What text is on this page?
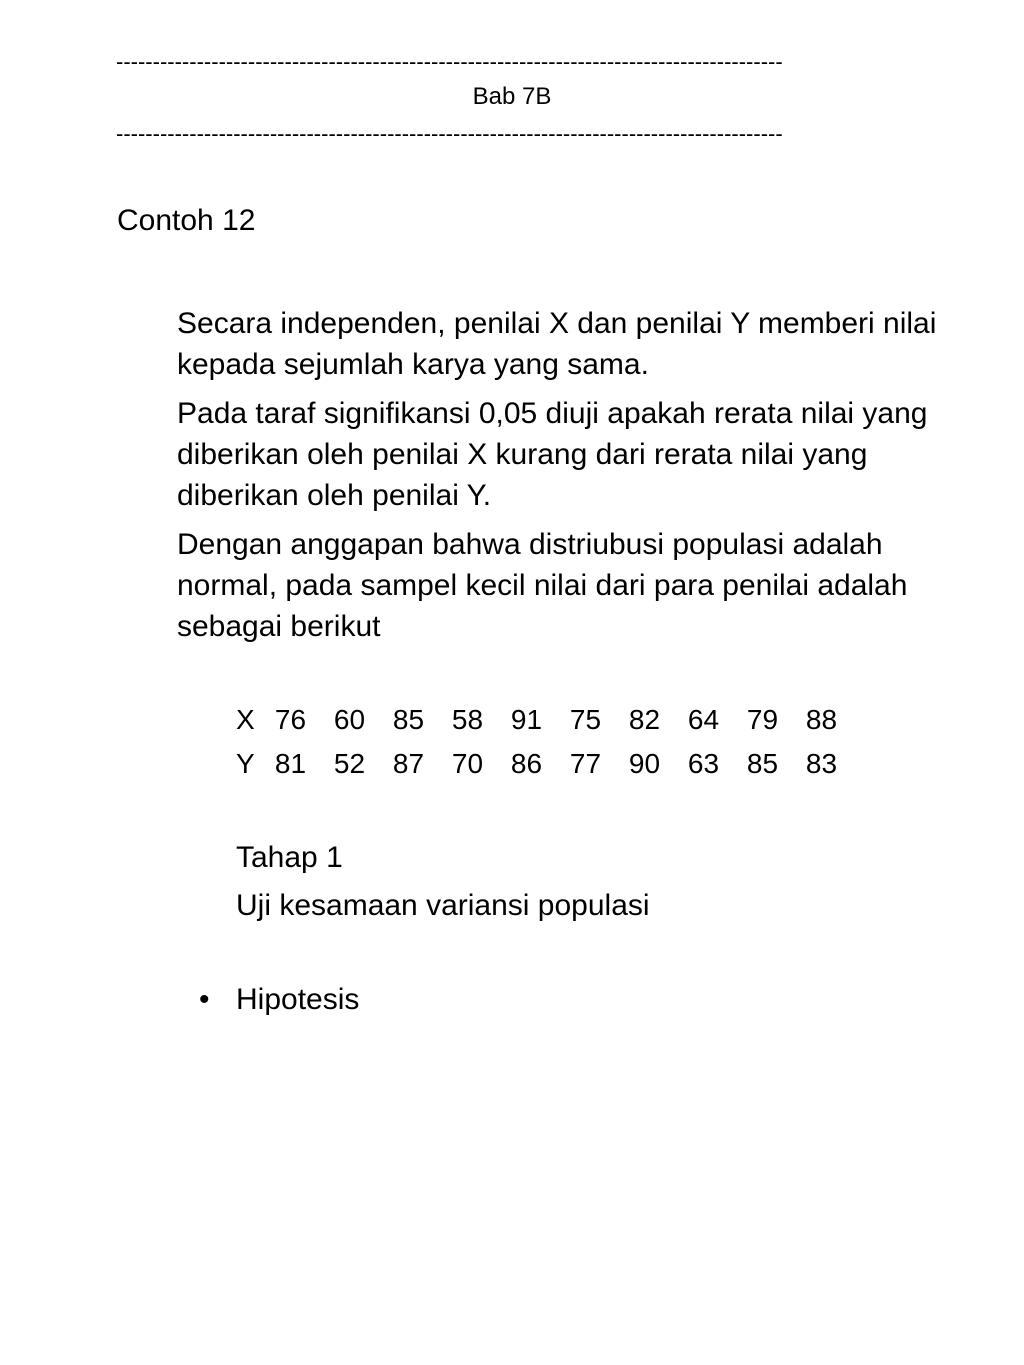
-------------------------------------------------------------------------------------------
Bab 7B
-------------------------------------------------------------------------------------------
Contoh 12

Secara independen, penilai X dan penilai Y memberi nilai kepada sejumlah karya yang sama.

Pada taraf signifikansi 0,05 diuji apakah rerata nilai yang diberikan oleh penilai X kurang dari rerata nilai yang diberikan oleh penilai Y.

Dengan anggapan bahwa distriubusi populasi adalah normal, pada sampel kecil nilai dari para penilai adalah sebagai berikut

X	76	60	85	58	91	75	82	64	79	88
Y	81	52	87	70	86	77	90	63	85	83
Tahap 1
Uji kesamaan variansi populasi
• Hipotesis
